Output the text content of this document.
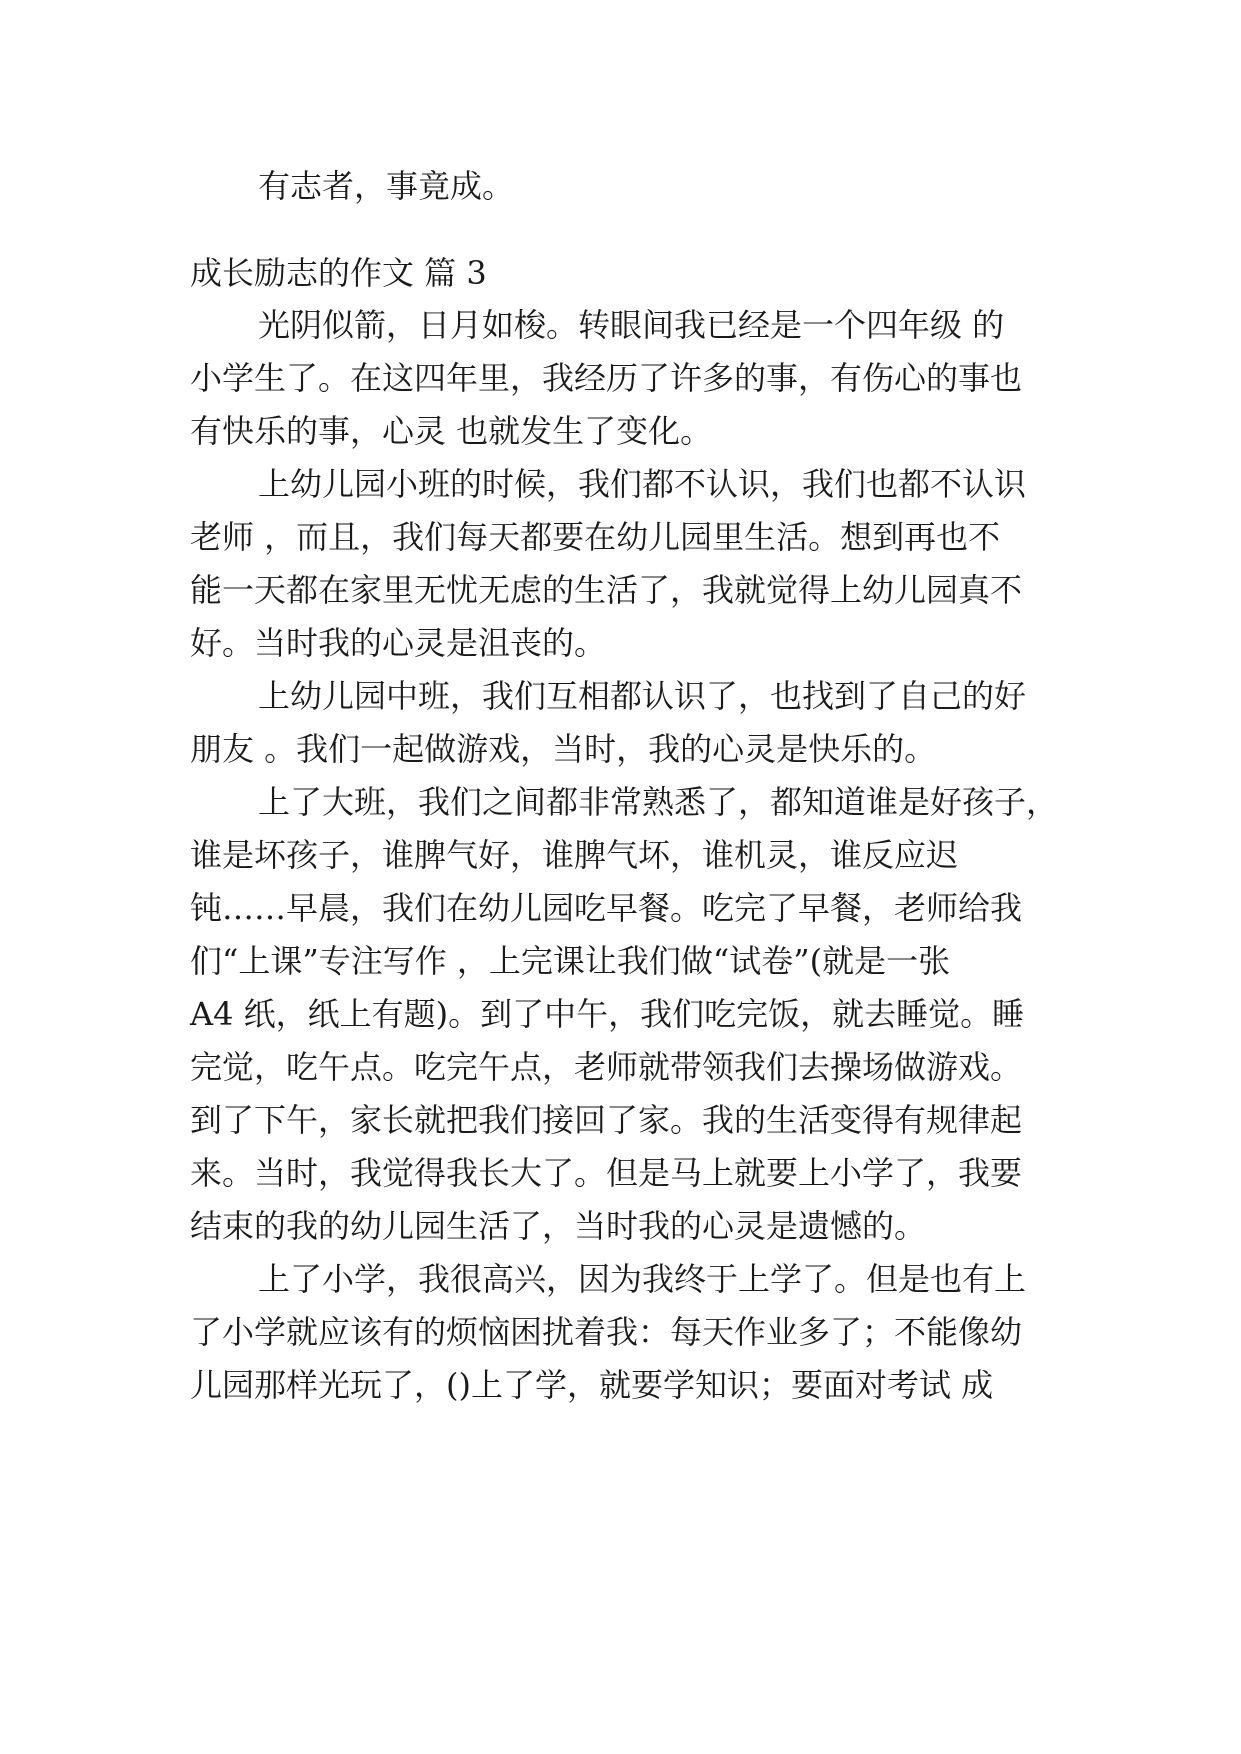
有志者，事竟成。
成长励志的作文 篇 3
光阴似箭，日月如梭。转眼间我已经是一个四年级 的
小学生了。在这四年里，我经历了许多的事，有伤心的事也
有快乐的事，心灵 也就发生了变化。
上幼儿园小班的时候，我们都不认识，我们也都不认识
老师 ，而且，我们每天都要在幼儿园里生活。想到再也不
能一天都在家里无忧无虑的生活了，我就觉得上幼儿园真不
好。当时我的心灵是沮丧的。
上幼儿园中班，我们互相都认识了，也找到了自己的好
朋友 。我们一起做游戏，当时，我的心灵是快乐的。
上了大班，我们之间都非常熟悉了，都知道谁是好孩子，
谁是坏孩子，谁脾气好，谁脾气坏，谁机灵，谁反应迟
钝……早晨，我们在幼儿园吃早餐。吃完了早餐，老师给我
们“上课”专注写作 ，上完课让我们做“试卷”(就是一张
A4 纸，纸上有题)。到了中午，我们吃完饭，就去睡觉。睡
完觉，吃午点。吃完午点，老师就带领我们去操场做游戏。
到了下午，家长就把我们接回了家。我的生活变得有规律起
来。当时，我觉得我长大了。但是马上就要上小学了，我要
结束的我的幼儿园生活了，当时我的心灵是遗憾的。
上了小学，我很高兴，因为我终于上学了。但是也有上
了小学就应该有的烦恼困扰着我：每天作业多了；不能像幼
儿园那样光玩了，()上了学，就要学知识；要面对考试 成
